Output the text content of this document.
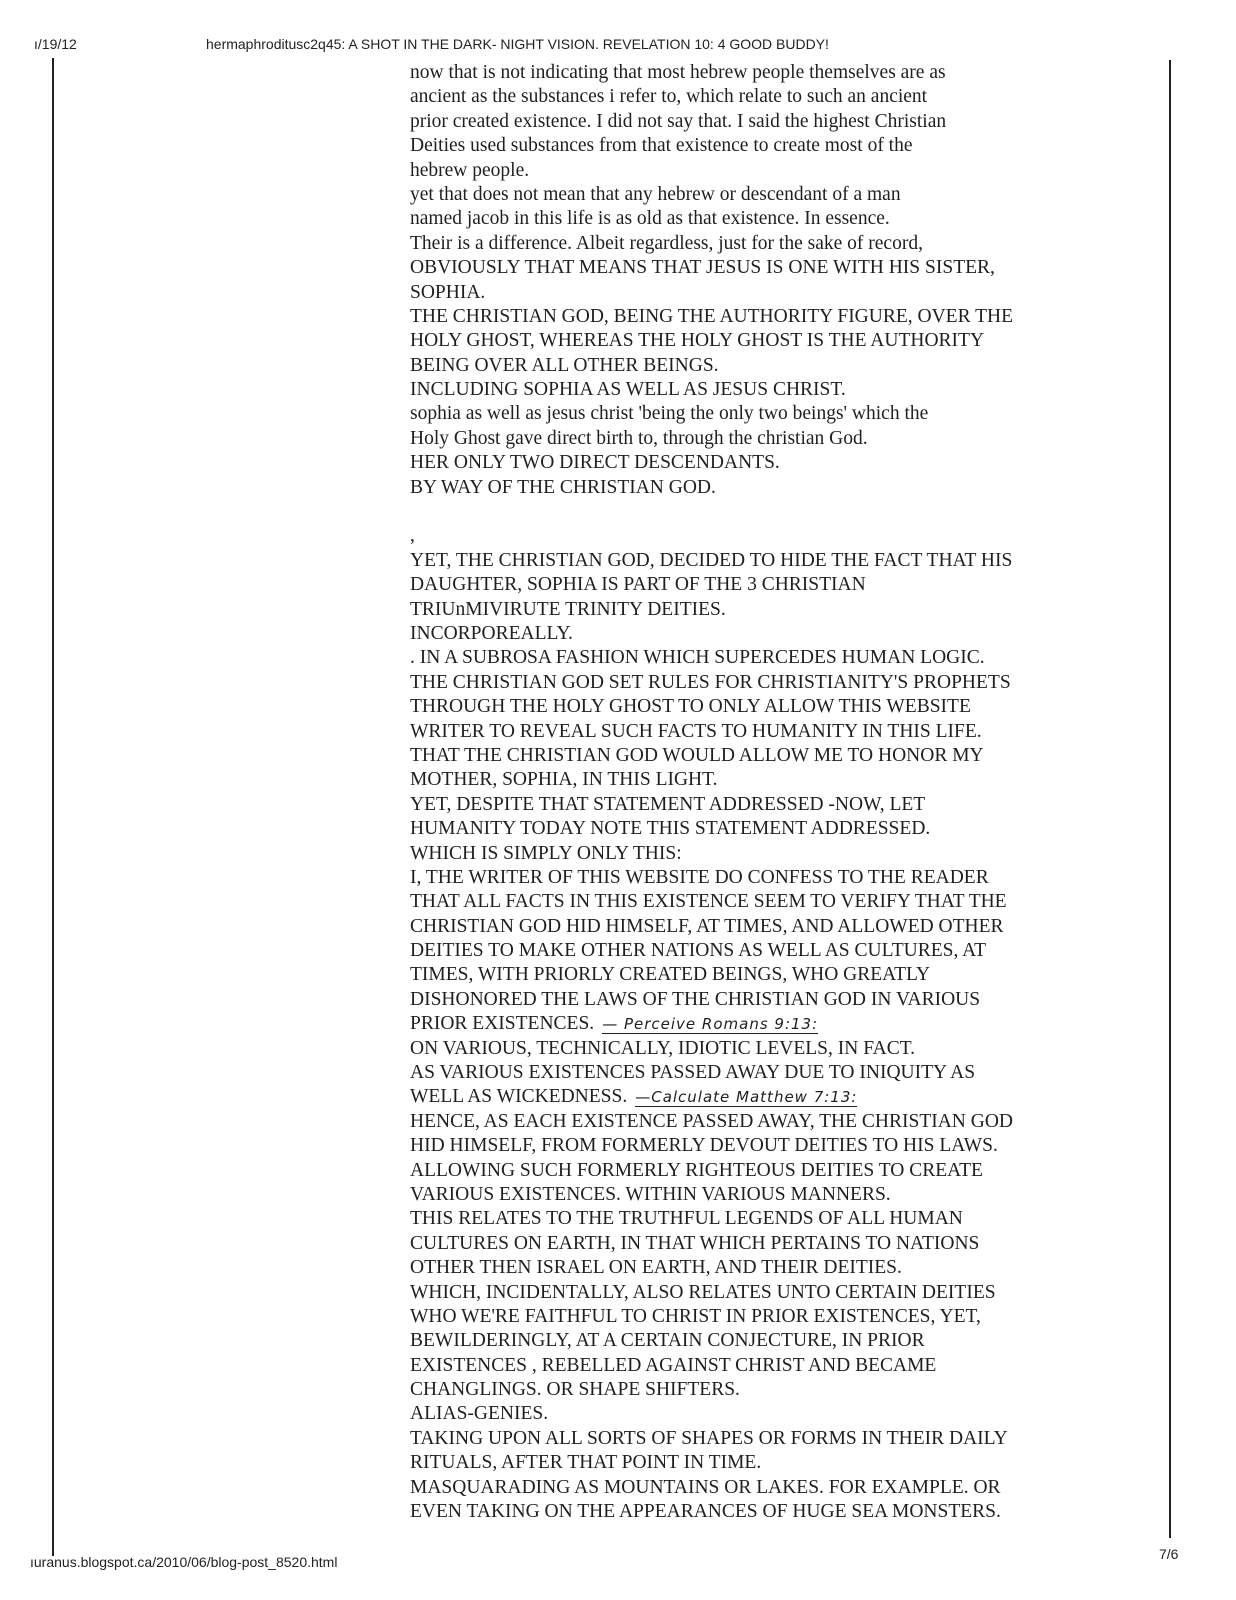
ı/19/12	hermaphroditusc2q45: A SHOT IN THE DARK- NIGHT VISION. REVELATION 10: 4 GOOD BUDDY!
now that is not indicating that most hebrew people themselves are as
ancient as the substances i refer to, which relate to such an ancient
prior created existence. I did not say that. I said the highest Christian
Deities used substances from that existence to create most of the
hebrew people.
yet that does not mean that any hebrew or descendant of a man
named jacob in this life is as old as that existence. In essence.
Their is a difference. Albeit regardless, just for the sake of record,
OBVIOUSLY THAT MEANS THAT JESUS IS ONE WITH HIS SISTER,
SOPHIA.
THE CHRISTIAN GOD, BEING THE AUTHORITY FIGURE, OVER THE
HOLY GHOST, WHEREAS THE HOLY GHOST IS THE AUTHORITY
BEING OVER ALL OTHER BEINGS.
INCLUDING SOPHIA AS WELL AS JESUS CHRIST.
sophia as well as jesus christ 'being the only two beings' which the
Holy Ghost gave direct birth to, through the christian God.
HER ONLY TWO DIRECT DESCENDANTS.
BY WAY OF THE CHRISTIAN GOD.
,
YET, THE CHRISTIAN GOD, DECIDED TO HIDE THE FACT THAT HIS
DAUGHTER, SOPHIA IS PART OF THE 3 CHRISTIAN
TRIUnMIVIRUTE TRINITY DEITIES.
INCORPOREALLY.
. IN A SUBROSA FASHION WHICH SUPERCEDES HUMAN LOGIC.
THE CHRISTIAN GOD SET RULES FOR CHRISTIANITY'S PROPHETS
THROUGH THE HOLY GHOST TO ONLY ALLOW THIS WEBSITE
WRITER TO REVEAL SUCH FACTS TO HUMANITY IN THIS LIFE.
THAT THE CHRISTIAN GOD WOULD ALLOW ME TO HONOR MY
MOTHER, SOPHIA, IN THIS LIGHT.
YET, DESPITE THAT STATEMENT ADDRESSED -NOW, LET
HUMANITY TODAY NOTE THIS STATEMENT ADDRESSED.
WHICH IS SIMPLY ONLY THIS:
I, THE WRITER OF THIS WEBSITE DO CONFESS TO THE READER
THAT ALL FACTS IN THIS EXISTENCE SEEM TO VERIFY THAT THE
CHRISTIAN GOD HID HIMSELF, AT TIMES, AND ALLOWED OTHER
DEITIES TO MAKE OTHER NATIONS AS WELL AS CULTURES, AT
TIMES, WITH PRIORLY CREATED BEINGS, WHO GREATLY
DISHONORED THE LAWS OF THE CHRISTIAN GOD IN VARIOUS
PRIOR EXISTENCES. — Perceive Romans 9:13:
ON VARIOUS, TECHNICALLY, IDIOTIC LEVELS, IN FACT.
AS VARIOUS EXISTENCES PASSED AWAY DUE TO INIQUITY AS
WELL AS WICKEDNESS. —Calculate Matthew 7:13:
HENCE, AS EACH EXISTENCE PASSED AWAY, THE CHRISTIAN GOD
HID HIMSELF, FROM FORMERLY DEVOUT DEITIES TO HIS LAWS.
ALLOWING SUCH FORMERLY RIGHTEOUS DEITIES TO CREATE
VARIOUS EXISTENCES. WITHIN VARIOUS MANNERS.
THIS RELATES TO THE TRUTHFUL LEGENDS OF ALL HUMAN
CULTURES ON EARTH, IN THAT WHICH PERTAINS TO NATIONS
OTHER THEN ISRAEL ON EARTH, AND THEIR DEITIES.
WHICH, INCIDENTALLY, ALSO RELATES UNTO CERTAIN DEITIES
WHO WE'RE FAITHFUL TO CHRIST IN PRIOR EXISTENCES, YET,
BEWILDERINGLY, AT A CERTAIN CONJECTURE, IN PRIOR
EXISTENCES , REBELLED AGAINST CHRIST AND BECAME
CHANGLINGS. OR SHAPE SHIFTERS.
ALIAS-GENIES.
TAKING UPON ALL SORTS OF SHAPES OR FORMS IN THEIR DAILY
RITUALS, AFTER THAT POINT IN TIME.
MASQUARADING AS MOUNTAINS OR LAKES. FOR EXAMPLE. OR
EVEN TAKING ON THE APPEARANCES OF HUGE SEA MONSTERS.
ıuranus.blogspot.ca/2010/06/blog-post_8520.html	7/6
